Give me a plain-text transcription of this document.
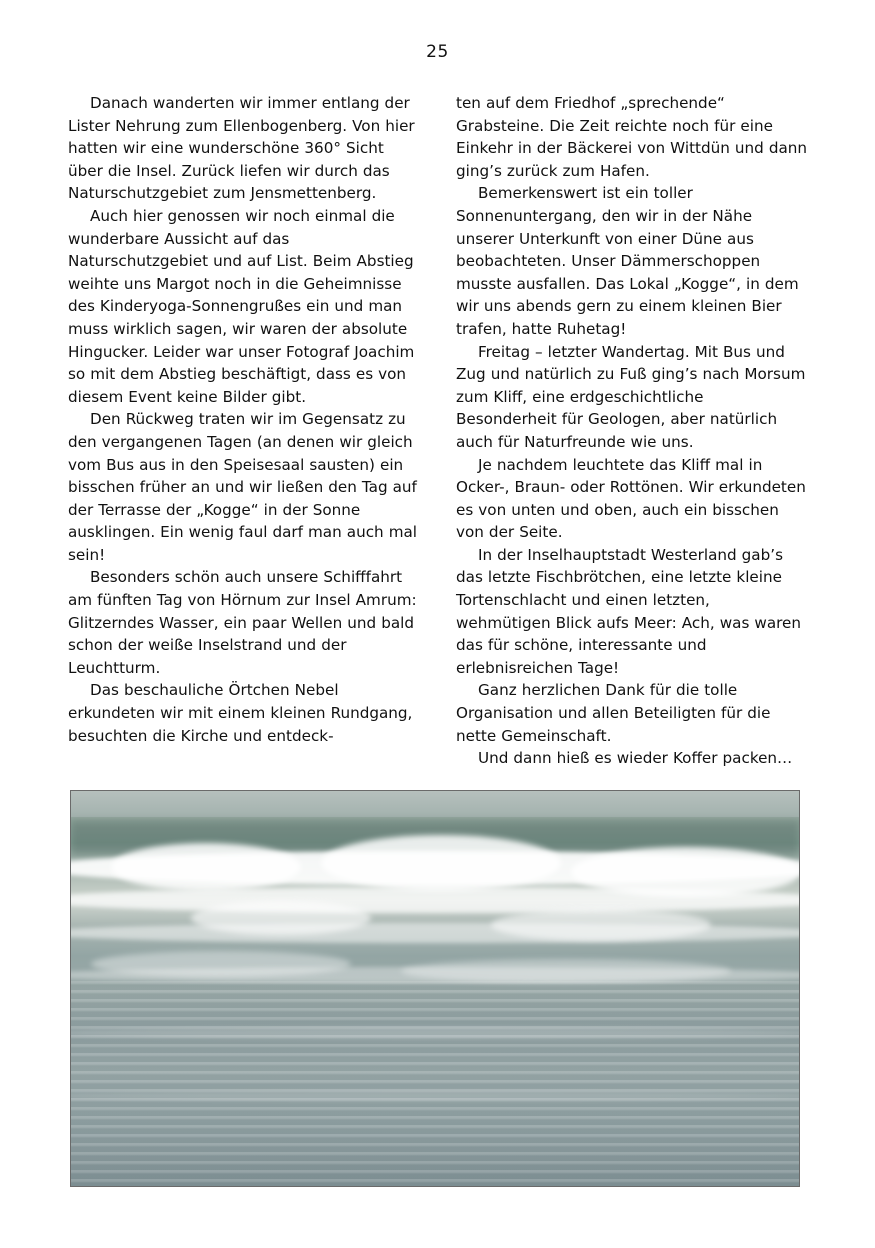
25

Danach wanderten wir immer entlang der Lister Nehrung zum Ellenbogenberg. Von hier hatten wir eine wunderschöne 360° Sicht über die Insel. Zurück liefen wir durch das Naturschutzgebiet zum Jensmettenberg.

Auch hier genossen wir noch einmal die wunderbare Aussicht auf das Naturschutzgebiet und auf List. Beim Abstieg weihte uns Margot noch in die Geheimnisse des Kinderyoga-Sonnengrußes ein und man muss wirklich sagen, wir waren der absolute Hingucker. Leider war unser Fotograf Joachim so mit dem Abstieg beschäftigt, dass es von diesem Event keine Bilder gibt.

Den Rückweg traten wir im Gegensatz zu den vergangenen Tagen (an denen wir gleich vom Bus aus in den Speisesaal sausten) ein bisschen früher an und wir ließen den Tag auf der Terrasse der „Kogge“ in der Sonne ausklingen. Ein wenig faul darf man auch mal sein!

Besonders schön auch unsere Schifffahrt am fünften Tag von Hörnum zur Insel Amrum: Glitzerndes Wasser, ein paar Wellen und bald schon der weiße Inselstrand und der Leuchtturm.

Das beschauliche Örtchen Nebel erkundeten wir mit einem kleinen Rundgang, besuchten die Kirche und entdeck-

ten auf dem Friedhof „sprechende“ Grabsteine. Die Zeit reichte noch für eine Einkehr in der Bäckerei von Wittdün und dann ging’s zurück zum Hafen.

Bemerkenswert ist ein toller Sonnenuntergang, den wir in der Nähe unserer Unterkunft von einer Düne aus beobachteten. Unser Dämmerschoppen musste ausfallen. Das Lokal „Kogge“, in dem wir uns abends gern zu einem kleinen Bier trafen, hatte Ruhetag!

Freitag – letzter Wandertag. Mit Bus und Zug und natürlich zu Fuß ging’s nach Morsum zum Kliff, eine erdgeschichtliche Besonderheit für Geologen, aber natürlich auch für Naturfreunde wie uns.

Je nachdem leuchtete das Kliff mal in Ocker-, Braun- oder Rottönen. Wir erkundeten es von unten und oben, auch ein bisschen von der Seite.

In der Inselhauptstadt Westerland gab’s das letzte Fischbrötchen, eine letzte kleine Tortenschlacht und einen letzten, wehmütigen Blick aufs Meer: Ach, was waren das für schöne, interessante und erlebnisreichen Tage!

Ganz herzlichen Dank für die tolle Organisation und allen Beteiligten für die nette Gemeinschaft.

Und dann hieß es wieder Koffer packen…
